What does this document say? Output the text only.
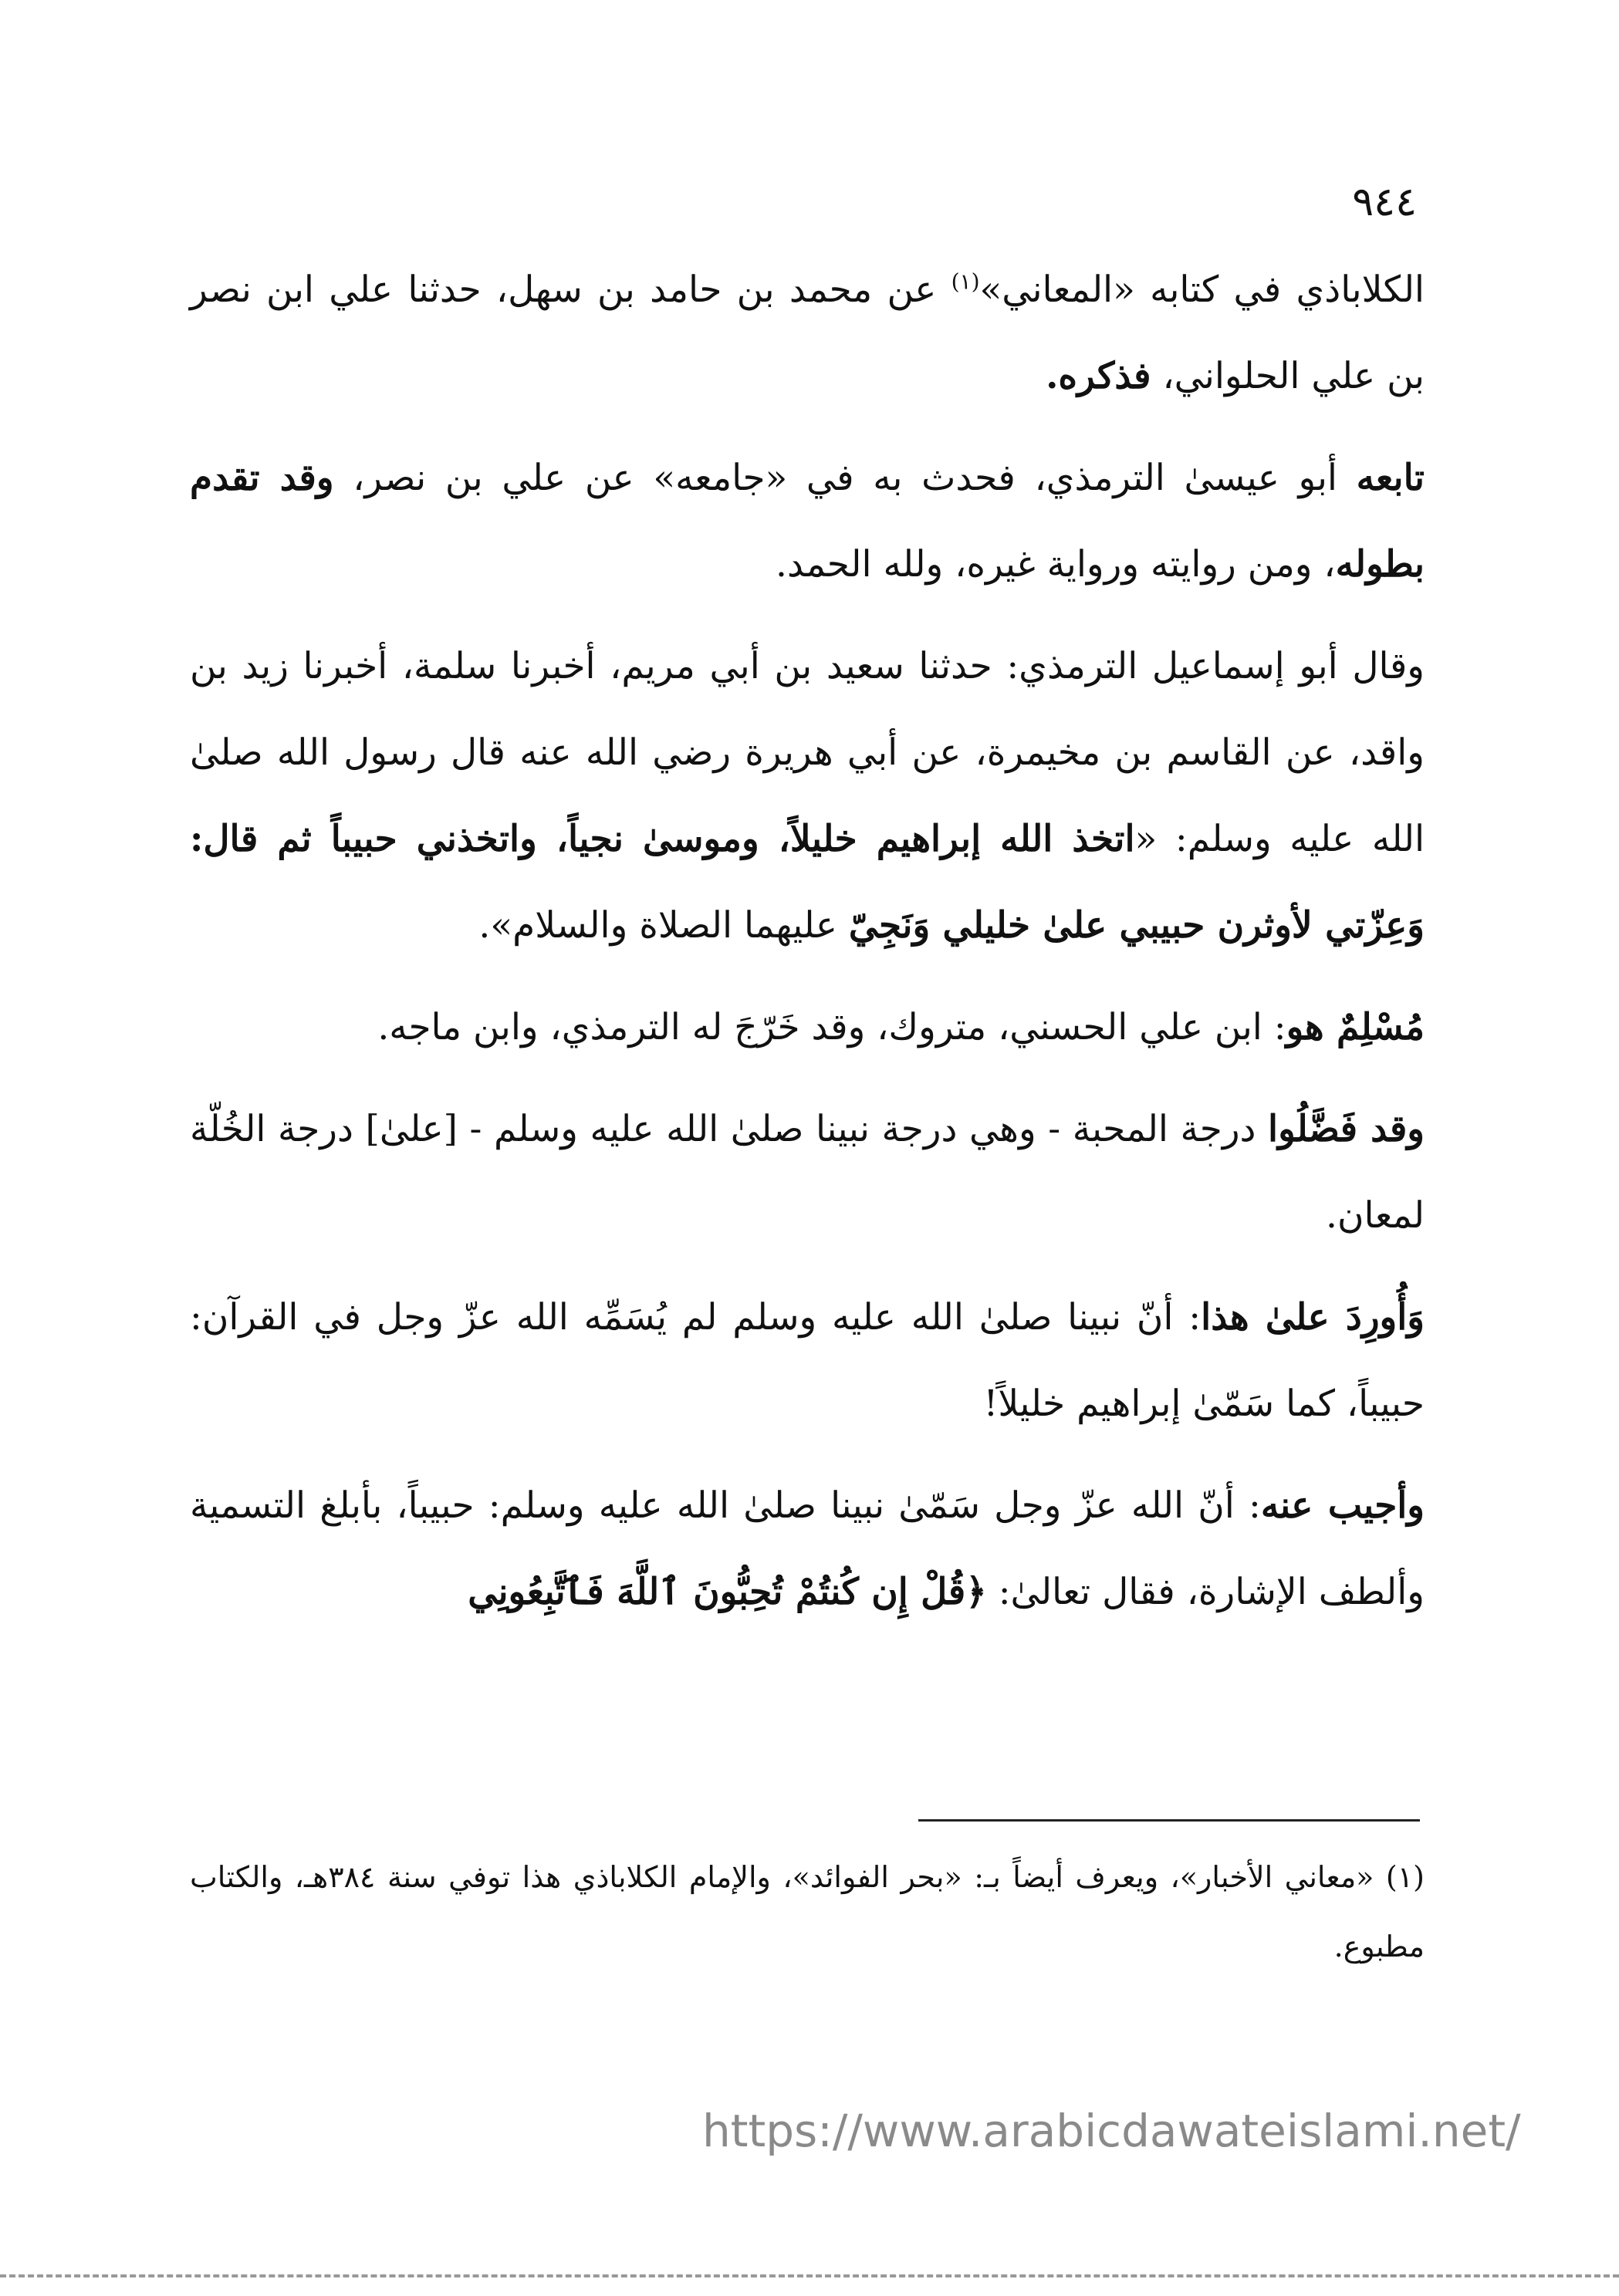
٩٤٤

الكلاباذي في كتابه «المعاني»$^{(١)}$ عن محمد بن حامد بن سهل، حدثنا علي ابن نصر بن علي الحلواني، فذكره.

تابعه أبو عيسىٰ الترمذي، فحدث به في «جامعه» عن علي بن نصر، وقد تقدم بطوله، ومن روايته ورواية غيره، ولله الحمد.

وقال أبو إسماعيل الترمذي: حدثنا سعيد بن أبي مريم، أخبرنا سلمة، أخبرنا زيد بن واقد، عن القاسم بن مخيمرة، عن أبي هريرة رضي الله عنه قال رسول الله صلىٰ الله عليه وسلم: «اتخذ الله إبراهيم خليلاً، وموسىٰ نجياً، واتخذني حبيباً ثم قال: وَعِزّتي لأوثرن حبيبي علىٰ خليلي وَنَجِيّ عليهما الصلاة والسلام».

مُسْلِمٌ هو: ابن علي الحسني، متروك، وقد خَرّجَ له الترمذي، وابن ماجه.

وقد فَضَّلُوا درجة المحبة - وهي درجة نبينا صلىٰ الله عليه وسلم - [علىٰ] درجة الخُلّة لمعان.

وَأُورِدَ علىٰ هذا: أنّ نبينا صلىٰ الله عليه وسلم لم يُسَمِّه الله عزّ وجل في القرآن: حبيباً، كما سَمّىٰ إبراهيم خليلاً!

وأجيب عنه: أنّ الله عزّ وجل سَمّىٰ نبينا صلىٰ الله عليه وسلم: حبيباً، بأبلغ التسمية وألطف الإشارة، فقال تعالىٰ: ﴿قُلْ إِن كُنتُمْ تُحِبُّونَ ٱللَّهَ فَٱتَّبِعُونِي

(١) «معاني الأخبار»، ويعرف أيضاً بـ: «بحر الفوائد»، والإمام الكلاباذي هذا توفي سنة ٣٨٤هـ، والكتاب مطبوع.
https://www.arabicdawateislami.net/
